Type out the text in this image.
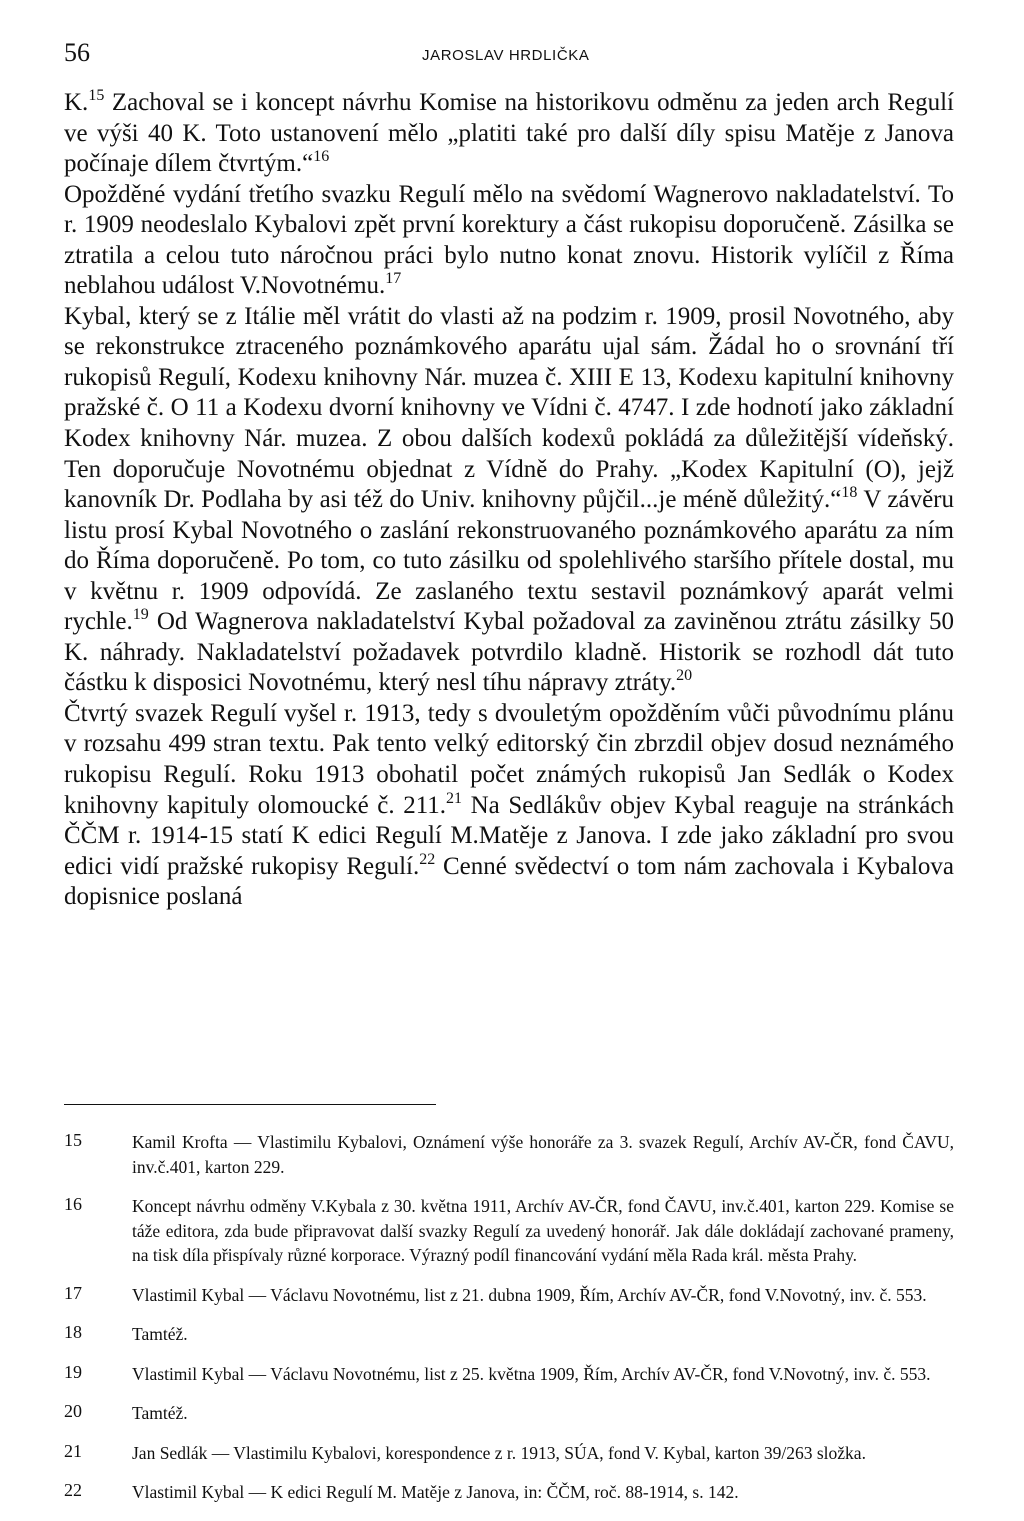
56	JAROSLAV HRDLIČKA

K.$^{15}$ Zachoval se i koncept návrhu Komise na historikovu odměnu za jeden arch Regulí ve výši 40 K. Toto ustanovení mělo „platiti také pro další díly spisu Matěje z Janova počínaje dílem čtvrtým.“$^{16}$

Opožděné vydání třetího svazku Regulí mělo na svědomí Wagnerovo nakladatelství. To r. 1909 neodeslalo Kybalovi zpět první korektury a část rukopisu doporučeně. Zásilka se ztratila a celou tuto náročnou práci bylo nutno konat znovu. Historik vylíčil z Říma neblahou událost V.Novotnému.$^{17}$

Kybal, který se z Itálie měl vrátit do vlasti až na podzim r. 1909, prosil Novotného, aby se rekonstrukce ztraceného poznámkového aparátu ujal sám. Žádal ho o srovnání tří rukopisů Regulí, Kodexu knihovny Nár. muzea č. XIII E 13, Kodexu kapitulní knihovny pražské č. O 11 a Kodexu dvorní knihovny ve Vídni č. 4747. I zde hodnotí jako základní Kodex knihovny Nár. muzea. Z obou dalších kodexů pokládá za důležitější vídeňský. Ten doporučuje Novotnému objednat z Vídně do Prahy. „Kodex Kapitulní (O), jejž kanovník Dr. Podlaha by asi též do Univ. knihovny půjčil...je méně důležitý.“$^{18}$ V závěru listu prosí Kybal Novotného o zaslání rekonstruovaného poznámkového aparátu za ním do Říma doporučeně. Po tom, co tuto zásilku od spolehlivého staršího přítele dostal, mu v květnu r. 1909 odpovídá. Ze zaslaného textu sestavil poznámkový aparát velmi rychle.$^{19}$ Od Wagnerova nakladatelství Kybal požadoval za zaviněnou ztrátu zásilky 50 K. náhrady. Nakladatelství požadavek potvrdilo kladně. Historik se rozhodl dát tuto částku k disposici Novotnému, který nesl tíhu nápravy ztráty.$^{20}$

Čtvrtý svazek Regulí vyšel r. 1913, tedy s dvouletým opožděním vůči původnímu plánu v rozsahu 499 stran textu. Pak tento velký editorský čin zbrzdil objev dosud neznámého rukopisu Regulí. Roku 1913 obohatil počet známých rukopisů Jan Sedlák o Kodex knihovny kapituly olomoucké č. 211.21 Na Sedlákův objev Kybal reaguje na stránkách ČČM r. 1914-15 statí K edici Regulí M.Matěje z Janova. I zde jako základní pro svou edici vidí pražské rukopisy Regulí.$^{22}$ Cenné svědectví o tom nám zachovala i Kybalova dopisnice poslaná

15	Kamil Krofta — Vlastimilu Kybalovi, Oznámení výše honoráře za 3. svazek Regulí, Archív AV-ČR, fond ČAVU, inv.č.401, karton 229.
16	Koncept návrhu odměny V.Kybala z 30. května 1911, Archív AV-ČR, fond ČAVU, inv.č.401, karton 229. Komise se táže editora, zda bude připravovat další svazky Regulí za uvedený honorář. Jak dále dokládají zachované prameny, na tisk díla přispívaly různé korporace. Výrazný podíl financování vydání měla Rada král. města Prahy.
17	Vlastimil Kybal — Václavu Novotnému, list z 21. dubna 1909, Řím, Archív AV-ČR, fond V.Novotný, inv. č. 553.
18	Tamtéž.
19	Vlastimil Kybal — Václavu Novotnému, list z 25. května 1909, Řím, Archív AV-ČR, fond V.Novotný, inv. č. 553.
20	Tamtéž.
21	Jan Sedlák — Vlastimilu Kybalovi, korespondence z r. 1913, SÚA, fond V. Kybal, karton 39/263 složka.
22	Vlastimil Kybal — K edici Regulí M. Matěje z Janova, in: ČČM, roč. 88-1914, s. 142.
